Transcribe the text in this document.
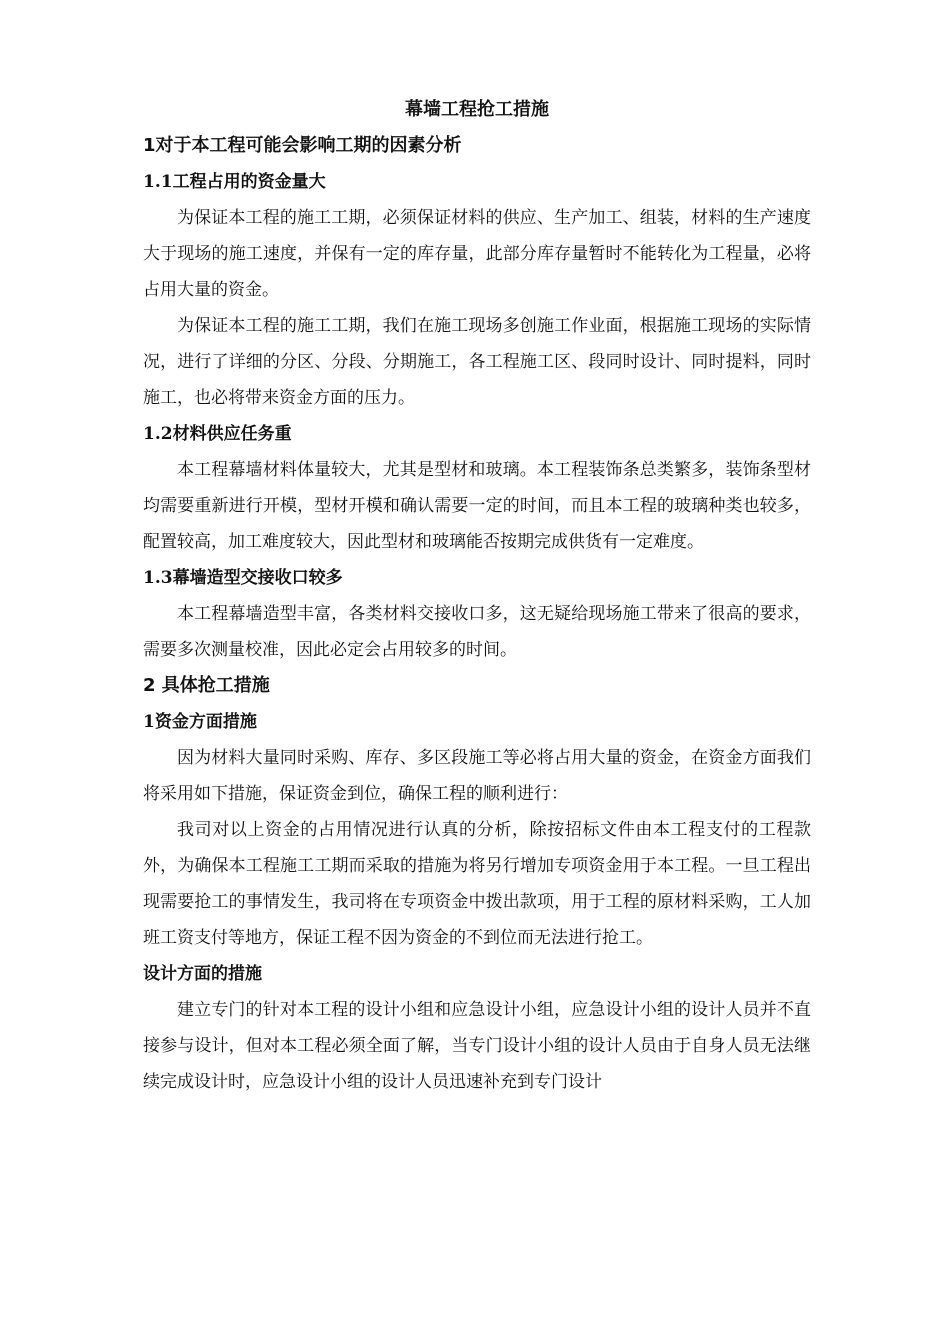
幕墙工程抢工措施
1对于本工程可能会影响工期的因素分析
1.1工程占用的资金量大

为保证本工程的施工工期，必须保证材料的供应、生产加工、组装，材料的生产速度大于现场的施工速度，并保有一定的库存量，此部分库存量暂时不能转化为工程量，必将占用大量的资金。

为保证本工程的施工工期，我们在施工现场多创施工作业面，根据施工现场的实际情况，进行了详细的分区、分段、分期施工，各工程施工区、段同时设计、同时提料，同时施工，也必将带来资金方面的压力。

1.2材料供应任务重

本工程幕墙材料体量较大，尤其是型材和玻璃。本工程装饰条总类繁多，装饰条型材均需要重新进行开模，型材开模和确认需要一定的时间，而且本工程的玻璃种类也较多，配置较高，加工难度较大，因此型材和玻璃能否按期完成供货有一定难度。

1.3幕墙造型交接收口较多

本工程幕墙造型丰富，各类材料交接收口多，这无疑给现场施工带来了很高的要求，需要多次测量校准，因此必定会占用较多的时间。

2 具体抢工措施
1资金方面措施

因为材料大量同时采购、库存、多区段施工等必将占用大量的资金，在资金方面我们将采用如下措施，保证资金到位，确保工程的顺利进行：

我司对以上资金的占用情况进行认真的分析，除按招标文件由本工程支付的工程款外，为确保本工程施工工期而采取的措施为将另行增加专项资金用于本工程。一旦工程出现需要抢工的事情发生，我司将在专项资金中拨出款项，用于工程的原材料采购，工人加班工资支付等地方，保证工程不因为资金的不到位而无法进行抢工。

设计方面的措施

建立专门的针对本工程的设计小组和应急设计小组，应急设计小组的设计人员并不直接参与设计，但对本工程必须全面了解，当专门设计小组的设计人员由于自身人员无法继续完成设计时，应急设计小组的设计人员迅速补充到专门设计
